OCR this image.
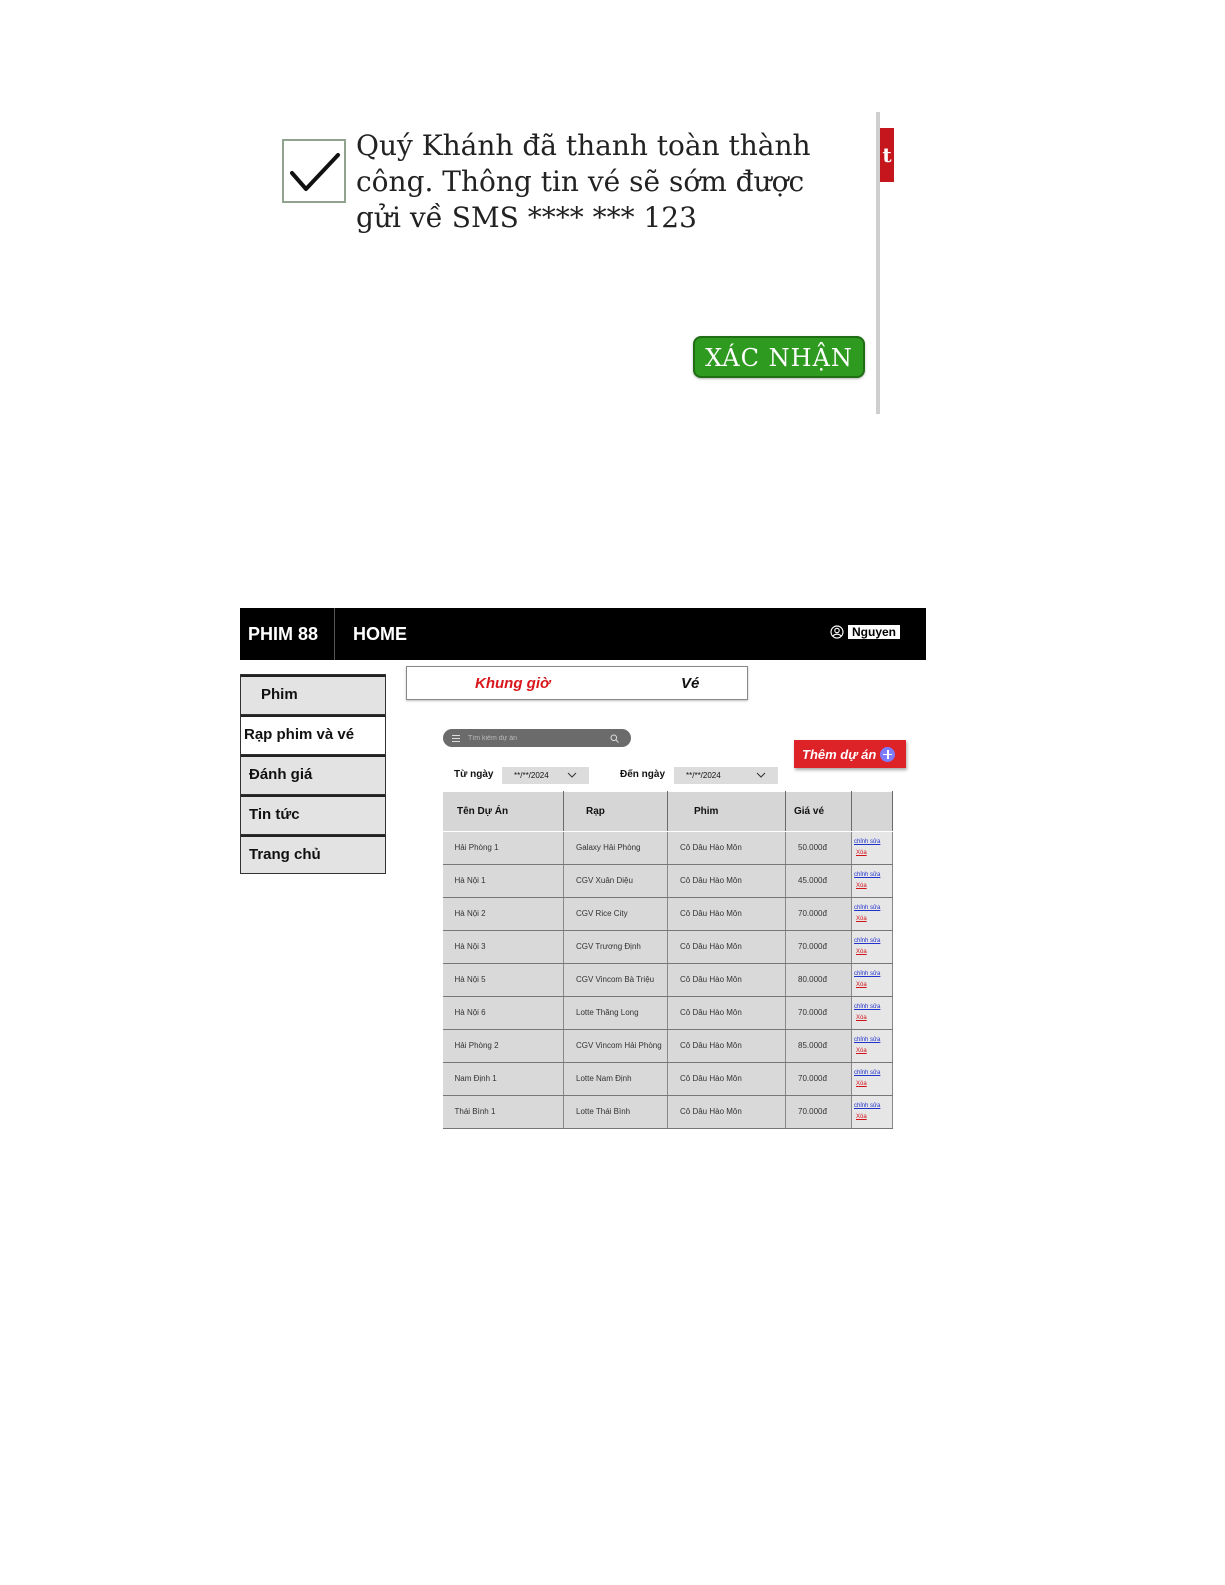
t
Quý Khánh đã thanh toàn thành công. Thông tin vé sẽ sớm được gửi về SMS **** *** 123
XÁC NHẬN
PHIM 88 HOME	Nguyen
Phim
Rạp phim và vé
Đánh giá
Tin tức
Trang chủ
Khung giờ	Vé
Tìm kiếm dự án
Thêm dự án
Từ ngày	**/**/2024	Đến ngày	**/**/2024
Tên Dự Án	Rạp	Phim	Giá vé	
Hải Phòng 1	Galaxy Hải Phòng	Cô Dâu Hào Môn	50.000đ	chỉnh sửa
Xóa

Hà Nội 1	CGV Xuân Diệu	Cô Dâu Hào Môn	45.000đ	chỉnh sửa
Xóa

Hà Nội 2	CGV Rice City	Cô Dâu Hào Môn	70.000đ	chỉnh sửa
Xóa

Hà Nội 3	CGV Trương Định	Cô Dâu Hào Môn	70.000đ	chỉnh sửa
Xóa

Hà Nội 5	CGV Vincom Bà Triệu	Cô Dâu Hào Môn	80.000đ	chỉnh sửa
Xóa

Hà Nội 6	Lotte Thăng Long	Cô Dâu Hào Môn	70.000đ	chỉnh sửa
Xóa

Hải Phòng 2	CGV Vincom Hải Phòng	Cô Dâu Hào Môn	85.000đ	chỉnh sửa
Xóa

Nam Định 1	Lotte Nam Định	Cô Dâu Hào Môn	70.000đ	chỉnh sửa
Xóa

Thái Bình 1	Lotte Thái Bình	Cô Dâu Hào Môn	70.000đ	chỉnh sửa
Xóa
